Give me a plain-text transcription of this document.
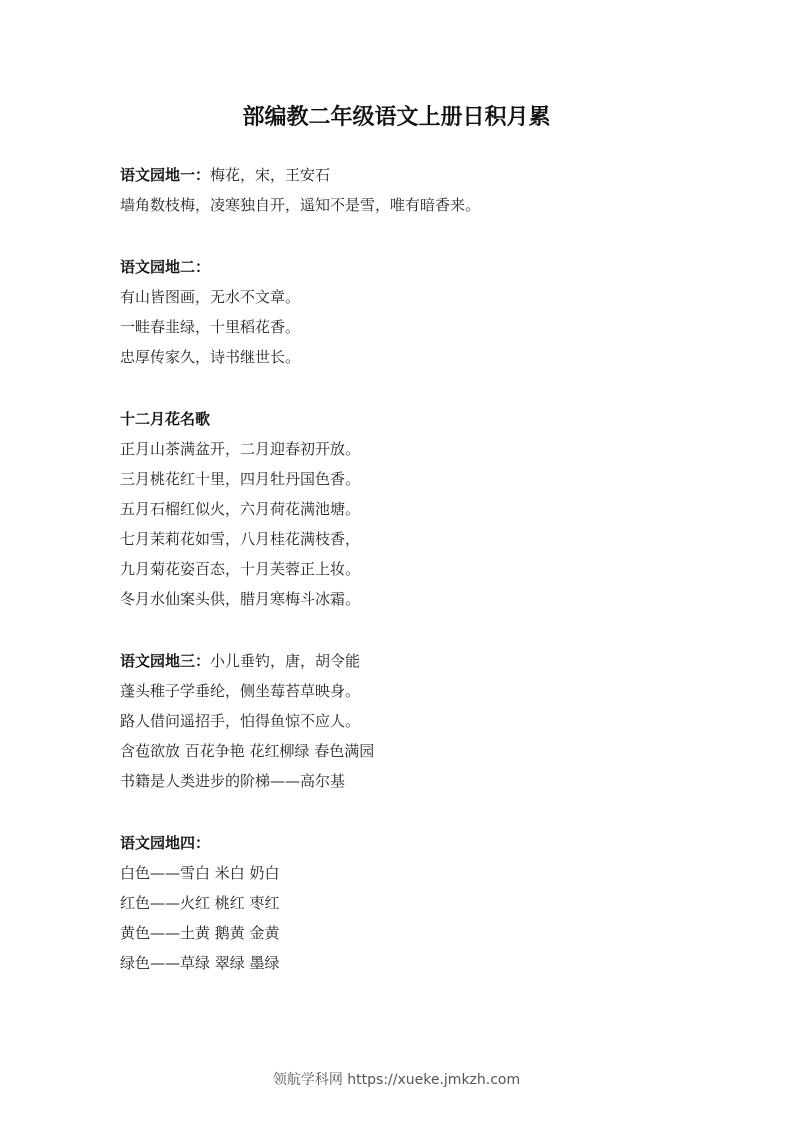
部编教二年级语文上册日积月累
语文园地一：梅花，宋，王安石
墙角数枝梅，凌寒独自开，遥知不是雪，唯有暗香来。
语文园地二：
有山皆图画，无水不文章。
一畦春韭绿，十里稻花香。
忠厚传家久，诗书继世长。
十二月花名歌
正月山茶满盆开，二月迎春初开放。
三月桃花红十里，四月牡丹国色香。
五月石榴红似火，六月荷花满池塘。
七月茉莉花如雪，八月桂花满枝香，
九月菊花姿百态，十月芙蓉正上妆。
冬月水仙案头供，腊月寒梅斗冰霜。
语文园地三：小儿垂钓，唐，胡令能
蓬头稚子学垂纶，侧坐莓苔草映身。
路人借问遥招手，怕得鱼惊不应人。
含苞欲放 百花争艳 花红柳绿 春色满园
书籍是人类进步的阶梯——高尔基
语文园地四：
白色——雪白 米白 奶白
红色——火红 桃红 枣红
黄色——土黄 鹅黄 金黄
绿色——草绿 翠绿 墨绿
领航学科网 https://xueke.jmkzh.com
